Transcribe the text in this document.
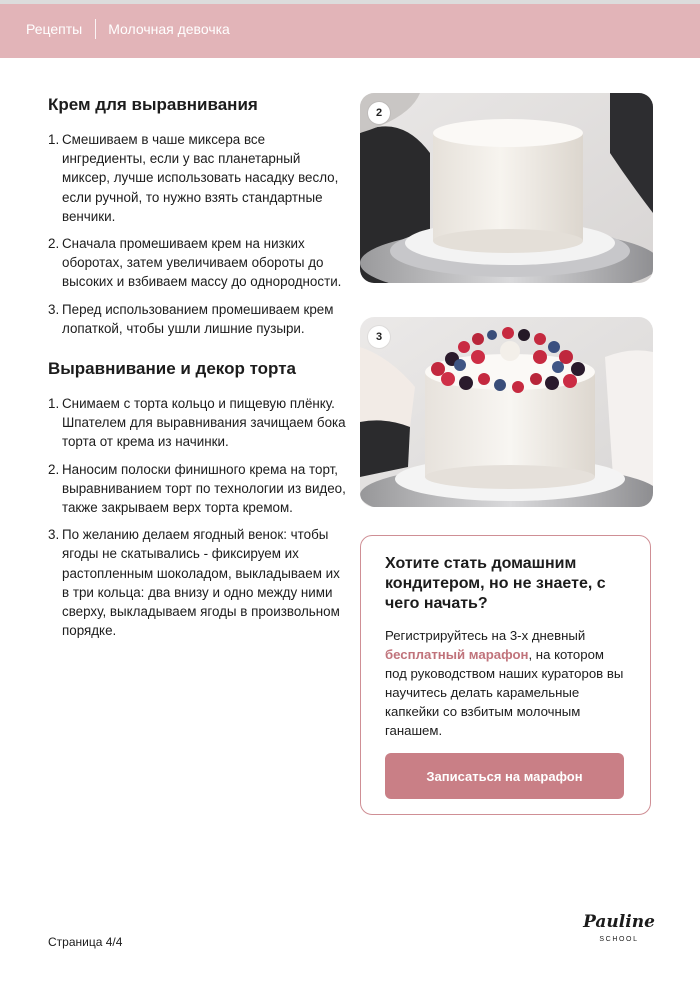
Рецепты Молочная девочка
Крем для выравнивания
1. Смешиваем в чаше миксера все ингредиенты, если у вас планетарный миксер, лучше использовать насадку весло, если ручной, то нужно взять стандартные венчики.
2. Сначала промешиваем крем на низких оборотах, затем увеличиваем обороты до высоких и взбиваем массу до однородности.
3. Перед использованием промешиваем крем лопаткой, чтобы ушли лишние пузыри.
Выравнивание и декор торта
1. Снимаем с торта кольцо и пищевую плёнку. Шпателем для выравнивания зачищаем бока торта от крема из начинки.
2. Наносим полоски финишного крема на торт, выравниванием торт по технологии из видео, также закрываем верх торта кремом.
3. По желанию делаем ягодный венок: чтобы ягоды не скатывались - фиксируем их растопленным шоколадом, выкладываем их в три кольца: два внизу и одно между ними сверху, выкладываем ягоды в произвольном порядке.
2
3
Хотите стать домашним кондитером, но не знаете, с чего начать?

Регистрируйтесь на 3-х дневный бесплатный марафон, на котором под руководством наших кураторов вы научитесь делать карамельные капкейки со взбитым молочным ганашем.

Записаться на марафон
Страница 4/4
Pauline
SCHOOL
